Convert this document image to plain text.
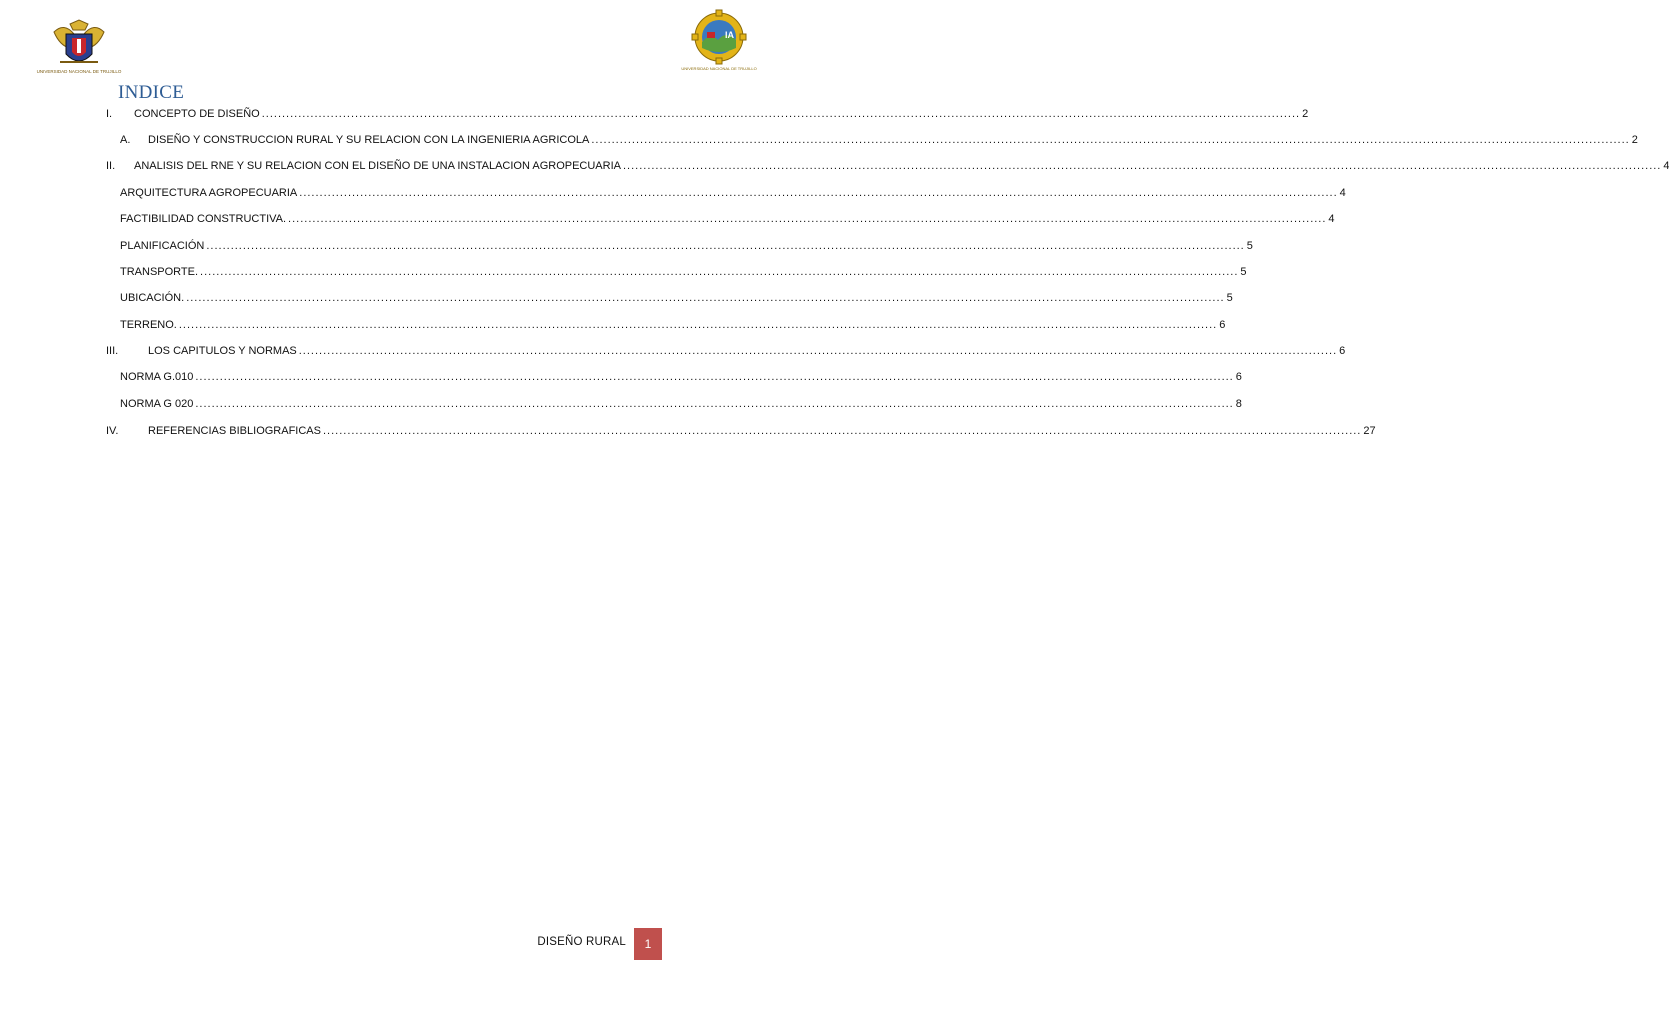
UNIVERSIDAD NACIONAL DE TRUJILLO
IA
UNIVERSIDAD NACIONAL DE TRUJILLO
INDICE
I. CONCEPTO DE DISEÑO .....	2
A. DISEÑO Y CONSTRUCCION RURAL Y SU RELACION CON LA INGENIERIA AGRICOLA .....	2
II. ANALISIS DEL RNE Y SU RELACION CON EL DISEÑO DE UNA INSTALACION AGROPECUARIA .....	4
ARQUITECTURA AGROPECUARIA .....	4
FACTIBILIDAD CONSTRUCTIVA. .....	4
PLANIFICACIÓN .....	5
TRANSPORTE. .....	5
UBICACIÓN. .....	5
TERRENO. .....	6
III.	LOS CAPITULOS Y NORMAS .....	6
NORMA G.010 .....	6
NORMA G 020 .....	8
IV.	REFERENCIAS BIBLIOGRAFICAS .....	27
DISEÑO RURAL	1
